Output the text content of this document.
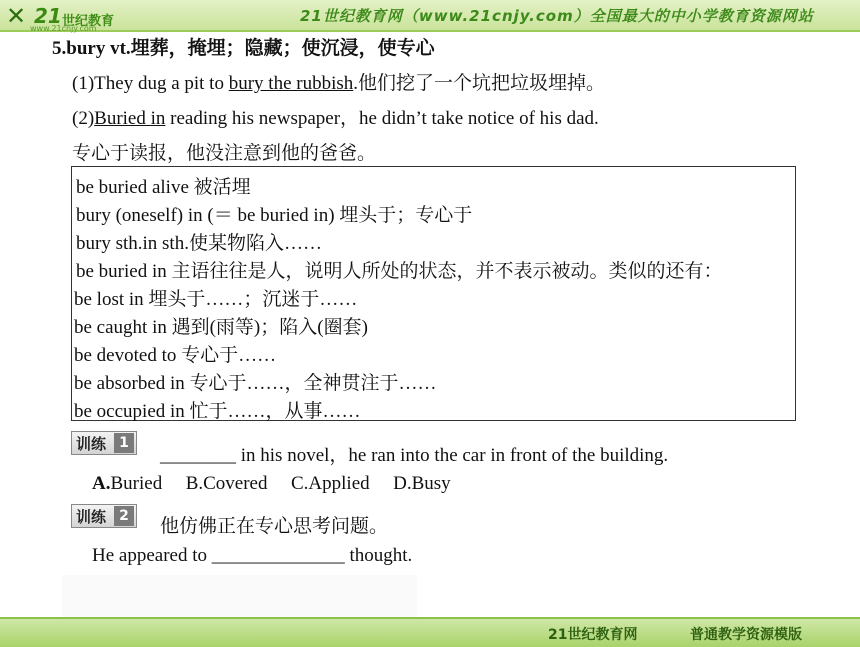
✕ 21 世纪教育
www.21cnjy.com
21世纪教育网（www.21cnjy.com）全国最大的中小学教育资源网站
5.bury vt.埋葬，掩埋；隐藏；使沉浸，使专心
(1)They dug a pit to bury the rubbish.他们挖了一个坑把垃圾埋掉。
(2)Buried in reading his newspaper，he didn’t take notice of his dad.
专心于读报，他没注意到他的爸爸。
be buried alive 被活埋
bury (oneself) in (＝ be buried in) 埋头于；专心于
bury sth.in sth.使某物陷入……
be buried in 主语往往是人，说明人所处的状态，并不表示被动。类似的还有：
be lost in 埋头于……；沉迷于……
be caught in 遇到(雨等)；陷入(圈套)
be devoted to 专心于……
be absorbed in 专心于……，全神贯注于……
be occupied in 忙于……，从事……
训练 1
________ in his novel，he ran into the car in front of the building.
A.Buried B.Covered C.Applied D.Busy
训练 2 他仿佛正在专心思考问题。
He appeared to ______________ thought.
21世纪教育网	普通教学资源模版
